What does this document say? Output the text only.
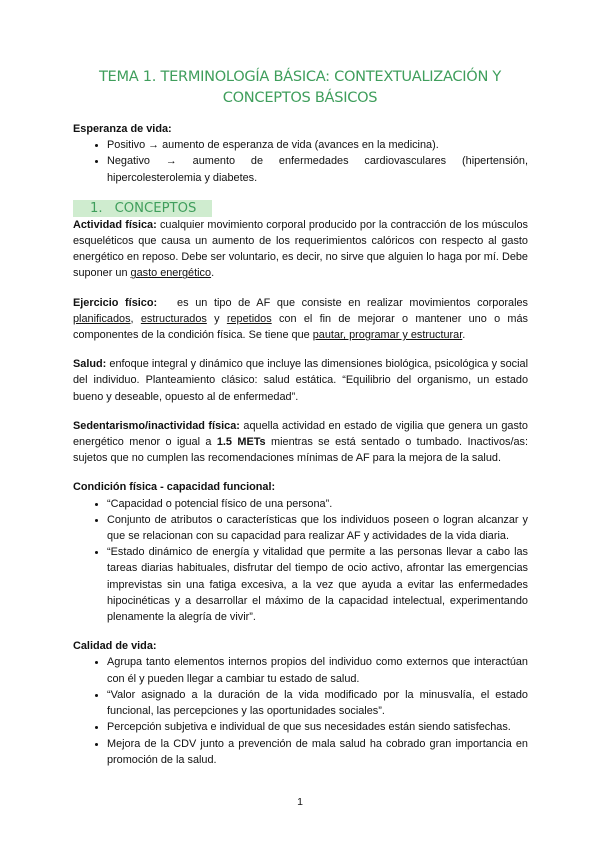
TEMA 1. TERMINOLOGÍA BÁSICA: CONTEXTUALIZACIÓN Y
CONCEPTOS BÁSICOS

Esperanza de vida:

• Positivo → aumento de esperanza de vida (avances en la medicina).
• Negativo → aumento de enfermedades cardiovasculares (hipertensión, hipercolesterolemia y diabetes.
1. CONCEPTOS

Actividad física: cualquier movimiento corporal producido por la contracción de los músculos esqueléticos que causa un aumento de los requerimientos calóricos con respecto al gasto energético en reposo. Debe ser voluntario, es decir, no sirve que alguien lo haga por mí. Debe suponer un gasto energético.

Ejercicio físico:   es un tipo de AF que consiste en realizar movimientos corporales planificados, estructurados y repetidos con el fin de mejorar o mantener uno o más componentes de la condición física. Se tiene que pautar, programar y estructurar.

Salud: enfoque integral y dinámico que incluye las dimensiones biológica, psicológica y social del individuo. Planteamiento clásico: salud estática. “Equilibrio del organismo, un estado bueno y deseable, opuesto al de enfermedad”.

Sedentarismo/inactividad física: aquella actividad en estado de vigilia que genera un gasto energético menor o igual a 1.5 METs mientras se está sentado o tumbado. Inactivos/as: sujetos que no cumplen las recomendaciones mínimas de AF para la mejora de la salud.

Condición física - capacidad funcional:

• “Capacidad o potencial físico de una persona”.
• Conjunto de atributos o características que los individuos poseen o logran alcanzar y que se relacionan con su capacidad para realizar AF y actividades de la vida diaria.
• “Estado dinámico de energía y vitalidad que permite a las personas llevar a cabo las tareas diarias habituales, disfrutar del tiempo de ocio activo, afrontar las emergencias imprevistas sin una fatiga excesiva, a la vez que ayuda a evitar las enfermedades hipocinéticas y a desarrollar el máximo de la capacidad intelectual, experimentando plenamente la alegría de vivir”.

Calidad de vida:

• Agrupa tanto elementos internos propios del individuo como externos que interactúan con él y pueden llegar a cambiar tu estado de salud.
• “Valor asignado a la duración de la vida modificado por la minusvalía, el estado funcional, las percepciones y las oportunidades sociales”.
• Percepción subjetiva e individual de que sus necesidades están siendo satisfechas.
• Mejora de la CDV junto a prevención de mala salud ha cobrado gran importancia en promoción de la salud.
1
